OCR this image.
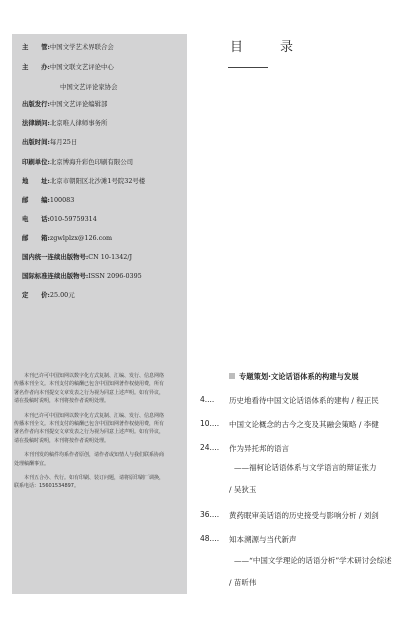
主　　管:中国文学艺术界联合会
主　　办:中国文联文艺评论中心
中国文艺评论家协会
出版发行:中国文艺评论编辑部
法律顾问:北京唯人律师事务所
出版时间:每月25日
印刷单位:北京博海升彩色印刷有限公司
地　　址:北京市朝阳区北沙滩1号院32号楼
邮　　编:100083
电　　话:010-59759314
邮　　箱:zgwlplzx@126.com
国内统一连续出版物号:CN 10-1342/J
国际标准连续出版物号:ISSN 2096-0395
定　　价:25.00元

本刊已许可中国知网以数字化方式复制、汇编、发行、信息网络传播本刊全文。本刊支付的稿酬已包含中国知网著作权使用费，所有署名作者向本刊提交文章发表之行为视为同意上述声明。如有异议，请在投稿时说明，本刊将按作者说明处理。

本刊已许可中国知网以数字化方式复制、汇编、发行、信息网络传播本刊全文。本刊支付的稿酬已包含中国知网著作权使用费，所有署名作者向本刊提交文章发表之行为视为同意上述声明。如有异议，请在投稿时说明，本刊将按作者说明处理。

本刊刊发的稿件均系作者原创，请作者或知情人与我们联系协商处理稿酬事宜。

本刊五合办、代行。如有印刷、装订问题，请将原印刷厂调换，联系电话：15601534897。

目　录
专题策划·文论话语体系的构建与发展
4....	历史地看待中国文论话语体系的建构 / 程正民
10....	中国文论概念的古今之变及其融会策略 / 李健
24....	作为异托邦的语言
——福柯论话语体系与文学语言的辩证张力
/ 吴狄玉
36....	黄药眠审美话语的历史接受与影响分析 / 刘剑
48....	知本溯源与当代新声
——“中国文学理论的话语分析”学术研讨会综述
/ 苗昕伟
